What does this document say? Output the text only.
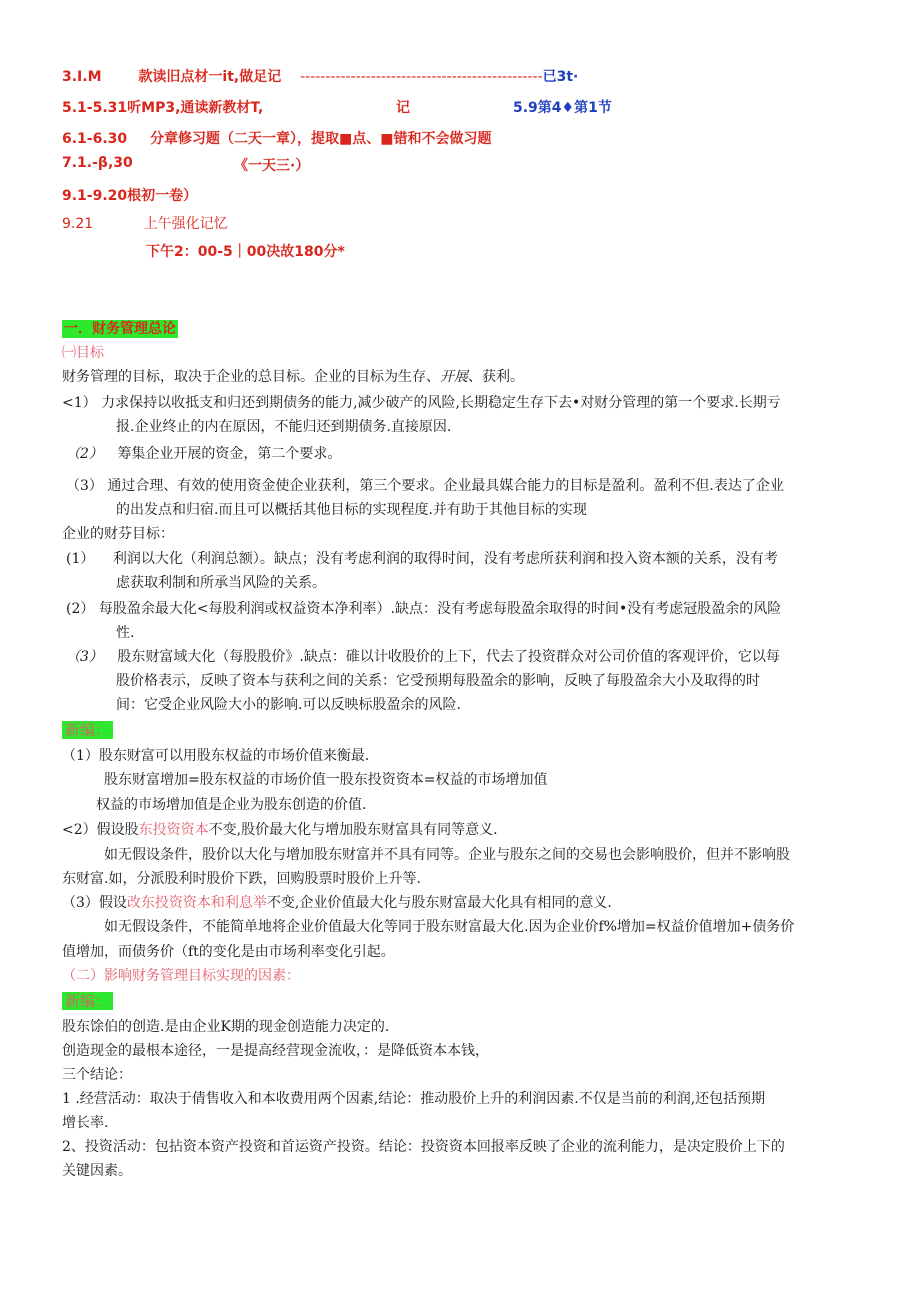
3.I.M	款读旧点材一it,做足记 ------------------------------------------------已3t·
5.1-5.31听MP3,通读新教材T,	记	5.9第4♦第1节
6.1-6.30 分章修习题（二天一章），提取■点、■错和不会做习题
7.1.-β,30	《一天三·）
9.1-9.20根初一卷）
9.21	上午强化记忆
下午2：00-5｜00决故180分*
一．财务管理总论
㈠目标
财务管理的目标，取决于企业的总目标。企业的目标为生存、开展、获利。
<1） 力求保持以收抵支和归还到期债务的能力,减少破产的风险,长期稳定生存下去•对财分管理的第一个要求.长期亏
报.企业终止的内在原因，不能归还到期债务.直接原因.
（2） 筹集企业开展的资金，第二个要求。
（3） 通过合理、有效的使用资金使企业获利，第三个要求。企业最具媒合能力的目标是盈利。盈利不但.表达了企业
的出发点和归宿.而且可以概括其他目标的实现程度.并有助于其他目标的实现
企业的财芬目标：
(1） 利润以大化（利润总额）。缺点；没有考虑利润的取得时间，没有考虑所获利润和投入资本额的关系，没有考
虑获取利制和所承当风险的关系。
(2） 每股盈余最大化<每股利润或权益资本净利率）.缺点：没有考虑每股盈余取得的时间•没有考虑冠股盈余的风险
性.
（3） 股东财富域大化（每股股价》.缺点：碓以计收股价的上下，代去了投资群众对公司价值的客观评价，它以每
股价格表示，反映了资本与获利之间的关系：它受预期每股盈余的影响，反映了每股盈余大小及取得的时
间：它受企业风险大小的影响.可以反映标股盈余的风险.
新编：
（1）股东财富可以用股东权益的市场价值来衡最.
股东财富增加=股东权益的市场价值一股东投资资本=权益的市场增加值
权益的市场增加值是企业为股东创造的价值.
<2）假设股东投资资本不变,股价最大化与增加股东财富具有同等意义.
如无假设条件，股价以大化与增加股东财富并不具有同等。企业与股东之间的交易也会影响股价，但并不影响股
东财富.如，分派股利时股价下跌，回购股票时股价上升等.
（3）假设改东投资资本和利息举不变,企业价值最大化与股东财富最大化具有相同的意义.
如无假设条件，不能简单地将企业价值最大化等同于股东财富最大化.因为企业价f%增加=权益价值增加+债务价
值增加，而债务价（ft的变化是由市场利率变化引起。
（二）影响财务管理目标实现的因素：
新编：
股东馀伯的创造.是由企业K期的现金创造能力决定的.
创造现金的最根本途径，一是提高经营现金流收，：是降低资本本钱，
三个结论：
1 .经营活动：取决于倩售收入和本收费用两个因素,结论：推动股价上升的利润因素.不仅是当前的利润,还包括预期
增长率.
2、投资活动：包拈资本资产投资和首运资产投资。结论：投资资本回报率反映了企业的流利能力，是决定股价上下的
关键因素。
